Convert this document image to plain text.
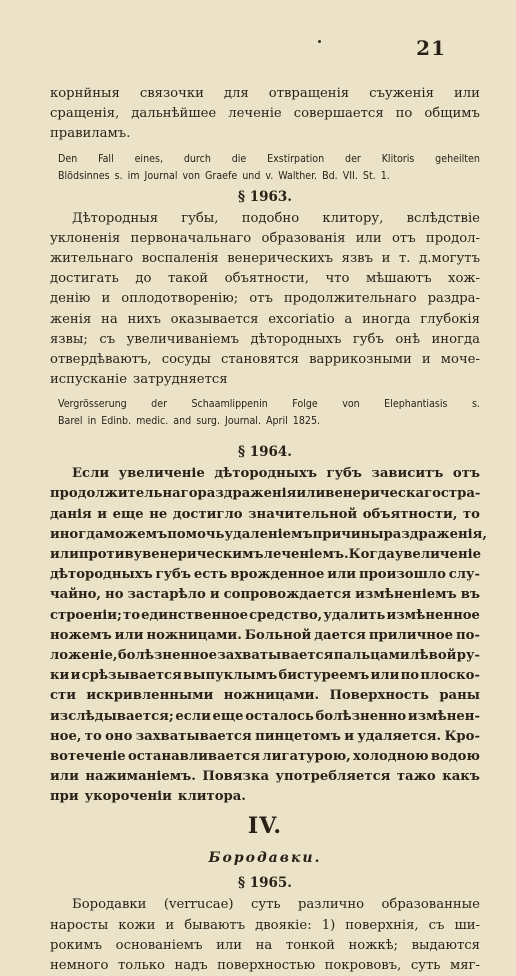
21
корнйныя связочки для отвращенія съуженія или
сращенія, дальнѣйшее леченіе совершается по общимъ
правиламъ.
Den Fall eines, durch die Exstirpation der Klitoris geheilten
Blödsinnes s. im Journal von Graefe und v. Walther. Bd. VII. St. 1.
§ 1963.
Дѣтородныя губы, подобно клитору, вслѣдствіе
уклоненія первоначальнаго образованія или отъ продол-
жительнаго воспаленія венерическихъ язвъ и т. д.могутъ
достигать до такой объятности, что мѣшаютъ хож-
денію и оплодотворенію; отъ продолжительнаго раздра-
женія на нихъ оказывается excoriatio а иногда глубокія
язвы; съ увеличиваніемъ дѣтородныхъ губъ онѣ иногда
отвердѣваютъ, сосуды становятся варрикозными и моче-
испусканіе затрудняется
Vergrösserung der Schaamlippenin Folge von Elephantiasis s.
Barel in Edinb. medic. and surg. Journal. April 1825.
§ 1964.
Если увеличеніе дѣтородныхъ губъ зависитъ отъ
продолжительнаго раздраженія или венерическаго стра-
данія и еще не достигло значительной объятности, то
иногда можемъ помочь удаленіемъ причины раздраженія,
или противу венерическимъ леченіемъ. Когда увеличеніе
дѣтородныхъ губъ есть врожденное или произошло слу-
чайно, но застарѣло и сопровождается измѣненіемъ въ
строеніи; то единственное средство, удалить измѣненное
ножемъ или ножницами. Больной дается приличное по-
ложеніе, болѣзненное захватывается пальцами лѣвой ру-
ки и срѣзывается выпуклымъ бистуреемъ или по плоско-
сти искривленными ножницами. Поверхность раны
изслѣдывается; если еще осталось болѣзненно измѣнен-
ное, то оно захватывается пинцетомъ и удаляется. Кро-
вотеченіе останавливается лигатурою, холодною водою
или нажиманіемъ. Повязка употребляется тажо какъ
при укороченіи клитора.
IV.
Бородавки.
§ 1965.
Бородавки (verrucae) суть различно образованные
наросты кожи и бываютъ двоякіе: 1) поверхнія, съ ши-
рокимъ основаніемъ или на тонкой ножкѣ; выдаются
немного только надъ поверхностью покрововъ, суть мяг-
